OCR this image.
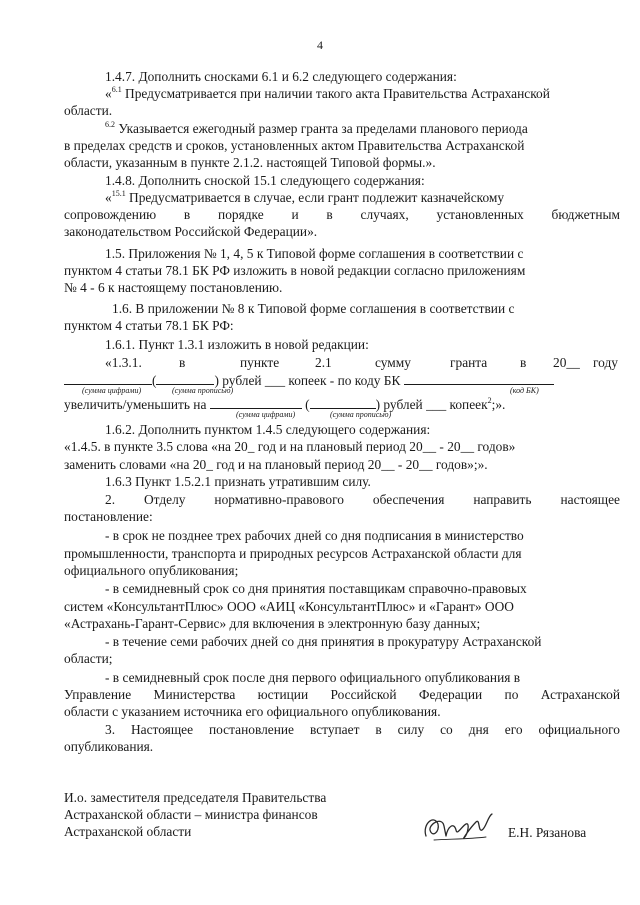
4
1.4.7. Дополнить сносками 6.1 и 6.2 следующего содержания:
«$^{6.1}$ Предусматривается при наличии такого акта Правительства Астраханской
области.
$^{6.2}$ Указывается ежегодный размер гранта за пределами планового периода
в пределах средств и сроков, установленных актом Правительства Астраханской
области, указанным в пункте 2.1.2. настоящей Типовой формы.».
1.4.8. Дополнить сноской 15.1 следующего содержания:
«$^{15.1}$ Предусматривается в случае, если грант подлежит казначейскому
сопровождению в порядке и в случаях, установленных бюджетным
законодательством Российской Федерации».
1.5. Приложения № 1, 4, 5 к Типовой форме соглашения в соответствии с
пунктом 4 статьи 78.1 БК РФ изложить в новой редакции согласно приложениям
№ 4 - 6 к настоящему постановлению.
1.6. В приложении № 8 к Типовой форме соглашения в соответствии с
пунктом 4 статьи 78.1 БК РФ:
1.6.1. Пункт 1.3.1 изложить в новой редакции:
«1.3.1.	в	пункте	2.1	сумму	гранта в 20__ году
(	) рублей ___ копеек - по коду БК
(сумма цифрами)	(сумма прописью)	(код БК)
увеличить/уменьшить на	(	) рублей ___ копеек$^2$;».
(сумма цифрами)	(сумма прописью)
1.6.2. Дополнить пунктом 1.4.5 следующего содержания:
«1.4.5. в пункте 3.5 слова «на 20_ год и на плановый период 20__ - 20__ годов»
заменить словами «на 20_ год и на плановый период 20__ - 20__ годов»;».
1.6.3 Пункт 1.5.2.1 признать утратившим силу.
2. Отделу нормативно-правового обеспечения направить настоящее
постановление:
- в срок не позднее трех рабочих дней со дня подписания в министерство
промышленности, транспорта и природных ресурсов Астраханской области для
официального опубликования;
- в семидневный срок со дня принятия поставщикам справочно-правовых
систем «КонсультантПлюс» ООО «АИЦ «КонсультантПлюс» и «Гарант» ООО
«Астрахань-Гарант-Сервис» для включения в электронную базу данных;
- в течение семи рабочих дней со дня принятия в прокуратуру Астраханской
области;
- в семидневный срок после дня первого официального опубликования в
Управление Министерства юстиции Российской Федерации по Астраханской
области с указанием источника его официального опубликования.
3. Настоящее постановление вступает в силу со дня его официального
опубликования.
И.о. заместителя председателя Правительства
Астраханской области – министра финансов
Астраханской области	Е.Н. Рязанова
